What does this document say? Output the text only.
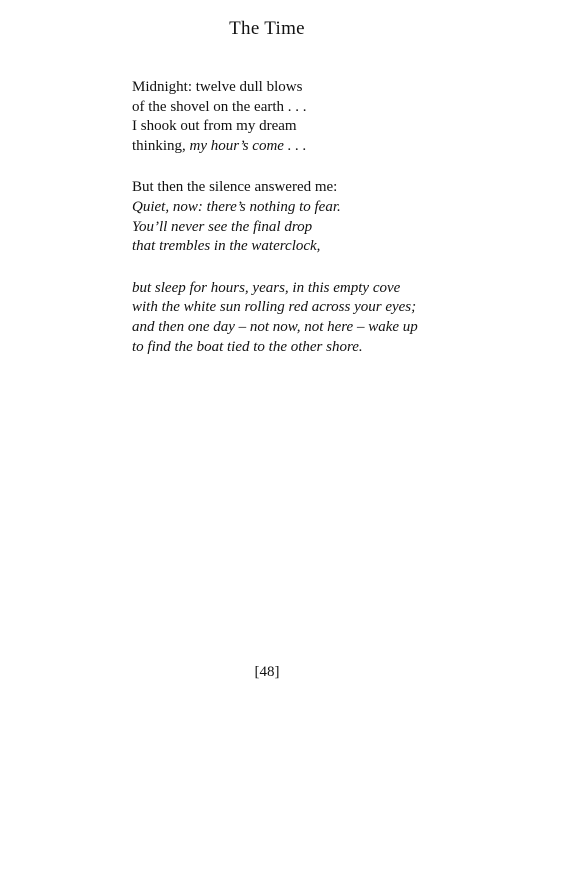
The Time
Midnight: twelve dull blows
of the shovel on the earth . . .
I shook out from my dream
thinking, my hour’s come . . .
But then the silence answered me:
Quiet, now: there’s nothing to fear.
You’ll never see the final drop
that trembles in the waterclock,
but sleep for hours, years, in this empty cove
with the white sun rolling red across your eyes;
and then one day – not now, not here – wake up
to find the boat tied to the other shore.
[48]
